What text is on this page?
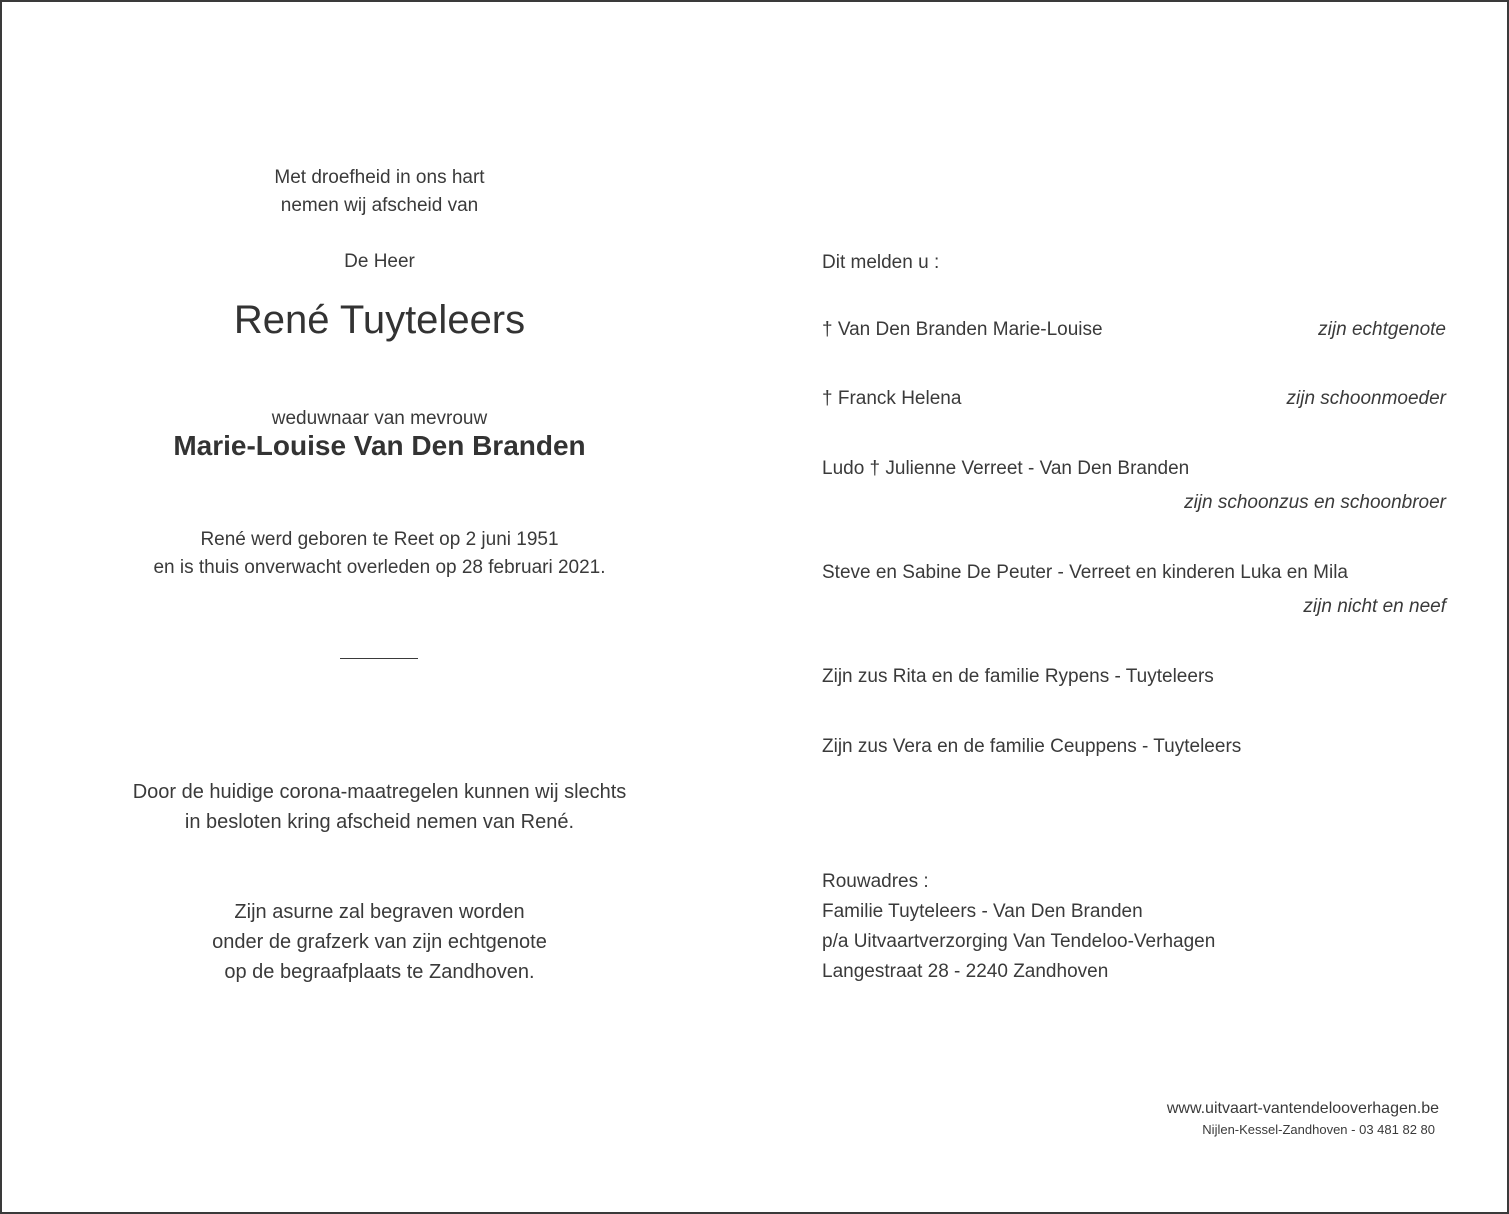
Met droefheid in ons hart
nemen wij afscheid van
De Heer
René Tuyteleers
weduwnaar van mevrouw
Marie-Louise Van Den Branden
René werd geboren te Reet op 2 juni 1951
en is thuis onverwacht overleden op 28 februari 2021.
Door de huidige corona-maatregelen kunnen wij slechts
in besloten kring afscheid nemen van René.
Zijn asurne zal begraven worden
onder de grafzerk van zijn echtgenote
op de begraafplaats te Zandhoven.
Dit melden u :
† Van Den Branden Marie-Louise	zijn echtgenote
† Franck Helena	zijn schoonmoeder
Ludo † Julienne Verreet - Van Den Branden
zijn schoonzus en schoonbroer
Steve en Sabine De Peuter - Verreet en kinderen Luka en Mila
zijn nicht en neef
Zijn zus Rita en de familie Rypens - Tuyteleers
Zijn zus Vera en de familie Ceuppens - Tuyteleers
Rouwadres :
Familie Tuyteleers - Van Den Branden
p/a Uitvaartverzorging Van Tendeloo-Verhagen
Langestraat 28 - 2240 Zandhoven
www.uitvaart-vantendelooverhagen.be
Nijlen-Kessel-Zandhoven - 03 481 82 80
